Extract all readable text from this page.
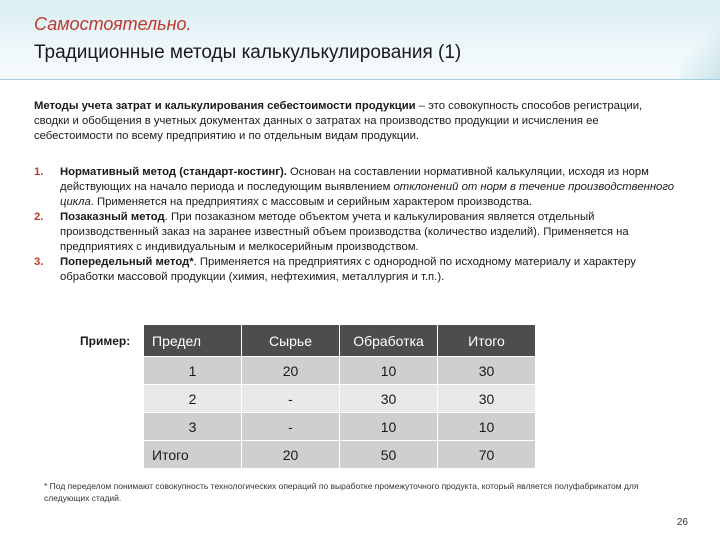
Самостоятельно.
Традиционные методы калькулькулирования (1)
Методы учета затрат и калькулирования себестоимости продукции – это совокупность способов регистрации, сводки и обобщения в учетных документах данных о затратах на производство продукции и исчисления ее себестоимости по всему предприятию и по отдельным видам продукции.
1. Нормативный метод (стандарт-костинг). Основан на составлении нормативной калькуляции, исходя из норм действующих на начало периода и последующим выявлением отклонений от норм в течение производственного цикла. Применяется на предприятиях с массовым и серийным характером производства.
2. Позаказный метод. При позаказном методе объектом учета и калькулирования является отдельный производственный заказ на заранее известный объем производства (количество изделий). Применяется на предприятиях с индивидуальным и мелкосерийным производством.
3. Попередельный метод*. Применяется на предприятиях с однородной по исходному материалу и характеру обработки массовой продукции (химия, нефтехимия, металлургия и т.п.).
Пример: Предел	Сырье	Обработка	Итого
1	20	10	30
2	-	30	30
3	-	10	10
Итого	20	50	70
* Под переделом понимают совокупность технологических операций по выработке промежуточного продукта, который является полуфабрикатом для следующих стадий.
26
